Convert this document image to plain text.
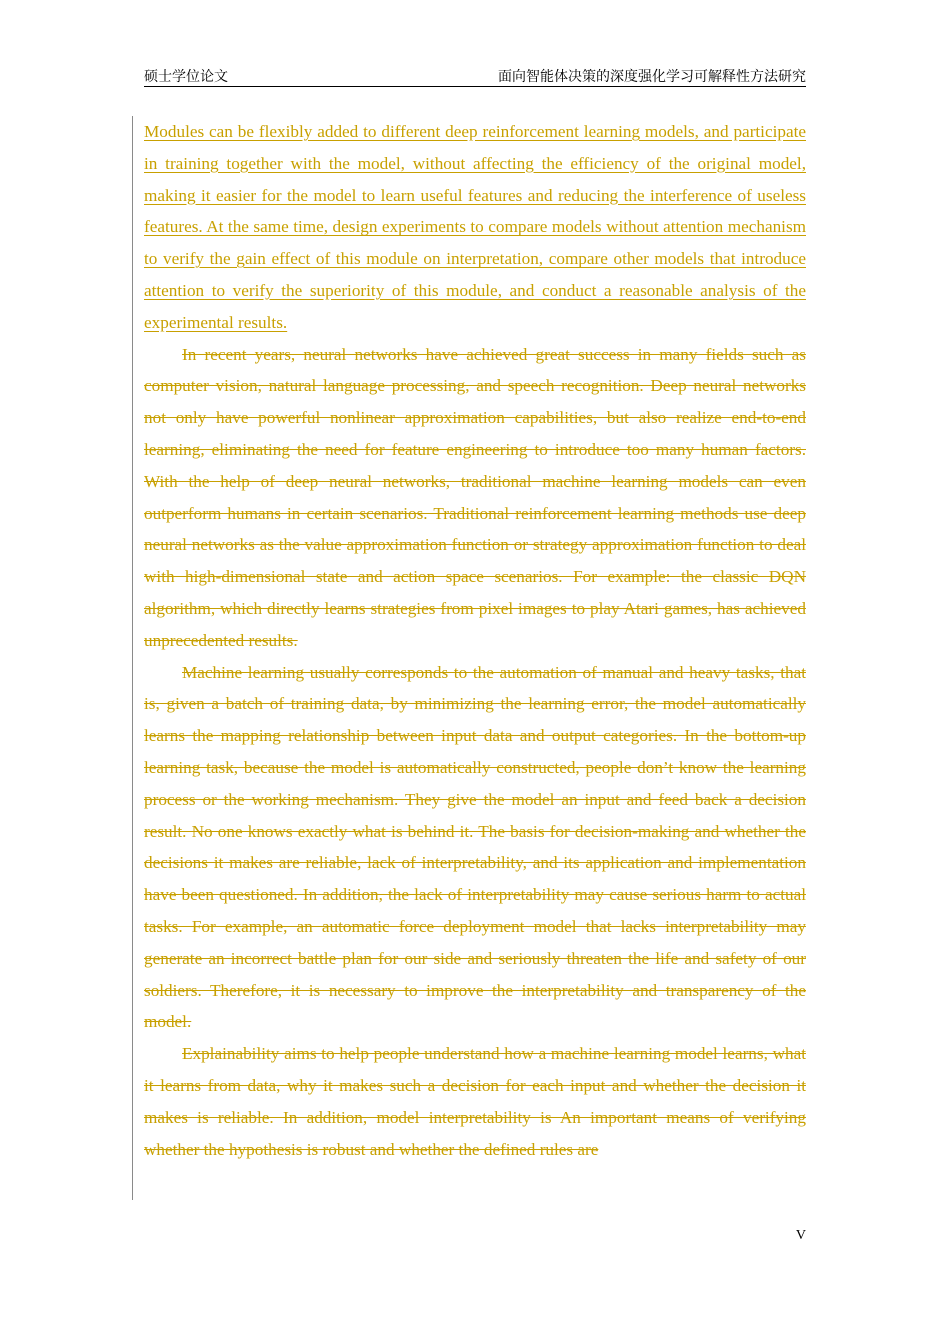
硕士学位论文	面向智能体决策的深度强化学习可解释性方法研究

Modules can be flexibly added to different deep reinforcement learning models, and participate in training together with the model, without affecting the efficiency of the original model, making it easier for the model to learn useful features and reducing the interference of useless features. At the same time, design experiments to compare models without attention mechanism to verify the gain effect of this module on interpretation, compare other models that introduce attention to verify the superiority of this module, and conduct a reasonable analysis of the experimental results.

In recent years, neural networks have achieved great success in many fields such as computer vision, natural language processing, and speech recognition. Deep neural networks not only have powerful nonlinear approximation capabilities, but also realize end-to-end learning, eliminating the need for feature engineering to introduce too many human factors. With the help of deep neural networks, traditional machine learning models can even outperform humans in certain scenarios. Traditional reinforcement learning methods use deep neural networks as the value approximation function or strategy approximation function to deal with high-dimensional state and action space scenarios. For example: the classic DQN algorithm, which directly learns strategies from pixel images to play Atari games, has achieved unprecedented results.

Machine learning usually corresponds to the automation of manual and heavy tasks, that is, given a batch of training data, by minimizing the learning error, the model automatically learns the mapping relationship between input data and output categories. In the bottom-up learning task, because the model is automatically constructed, people don’t know the learning process or the working mechanism. They give the model an input and feed back a decision result. No one knows exactly what is behind it. The basis for decision-making and whether the decisions it makes are reliable, lack of interpretability, and its application and implementation have been questioned. In addition, the lack of interpretability may cause serious harm to actual tasks. For example, an automatic force deployment model that lacks interpretability may generate an incorrect battle plan for our side and seriously threaten the life and safety of our soldiers. Therefore, it is necessary to improve the interpretability and transparency of the model.

Explainability aims to help people understand how a machine learning model learns, what it learns from data, why it makes such a decision for each input and whether the decision it makes is reliable. In addition, model interpretability is An important means of verifying whether the hypothesis is robust and whether the defined rules are

V
